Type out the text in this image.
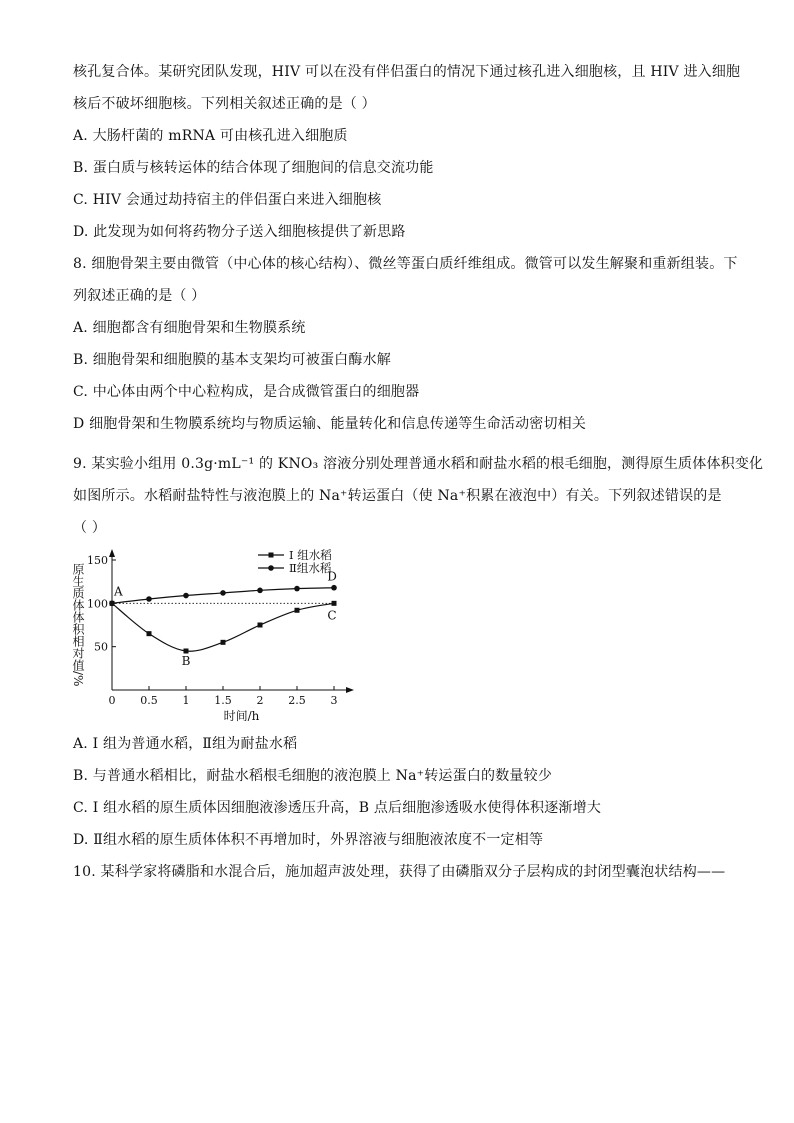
核孔复合体。某研究团队发现，HIV 可以在没有伴侣蛋白的情况下通过核孔进入细胞核，且 HIV 进入细胞
核后不破坏细胞核。下列相关叙述正确的是（ ）
A. 大肠杆菌的 mRNA 可由核孔进入细胞质
B. 蛋白质与核转运体的结合体现了细胞间的信息交流功能
C. HIV 会通过劫持宿主的伴侣蛋白来进入细胞核
D. 此发现为如何将药物分子送入细胞核提供了新思路
8. 细胞骨架主要由微管（中心体的核心结构）、微丝等蛋白质纤维组成。微管可以发生解聚和重新组装。下
列叙述正确的是（ ）
A. 细胞都含有细胞骨架和生物膜系统
B. 细胞骨架和细胞膜的基本支架均可被蛋白酶水解
C. 中心体由两个中心粒构成，是合成微管蛋白的细胞器
D 细胞骨架和生物膜系统均与物质运输、能量转化和信息传递等生命活动密切相关
9. 某实验小组用 0.3g·mL⁻¹ 的 KNO₃ 溶液分别处理普通水稻和耐盐水稻的根毛细胞，测得原生质体体积变化
如图所示。水稻耐盐特性与液泡膜上的 Na⁺转运蛋白（使 Na⁺积累在液泡中）有关。下列叙述错误的是
（ ）
0 0.5 1 1.5 2 2.5 3
50
100
150
时间/h
原生质体体积相对值/%
I 组水稻
Ⅱ组水稻
A
B
C
D
A. I 组为普通水稻，Ⅱ组为耐盐水稻
B. 与普通水稻相比，耐盐水稻根毛细胞的液泡膜上 Na⁺转运蛋白的数量较少
C. I 组水稻的原生质体因细胞液渗透压升高，B 点后细胞渗透吸水使得体积逐渐增大
D. Ⅱ组水稻的原生质体体积不再增加时，外界溶液与细胞液浓度不一定相等
10. 某科学家将磷脂和水混合后，施加超声波处理，获得了由磷脂双分子层构成的封闭型囊泡状结构——
